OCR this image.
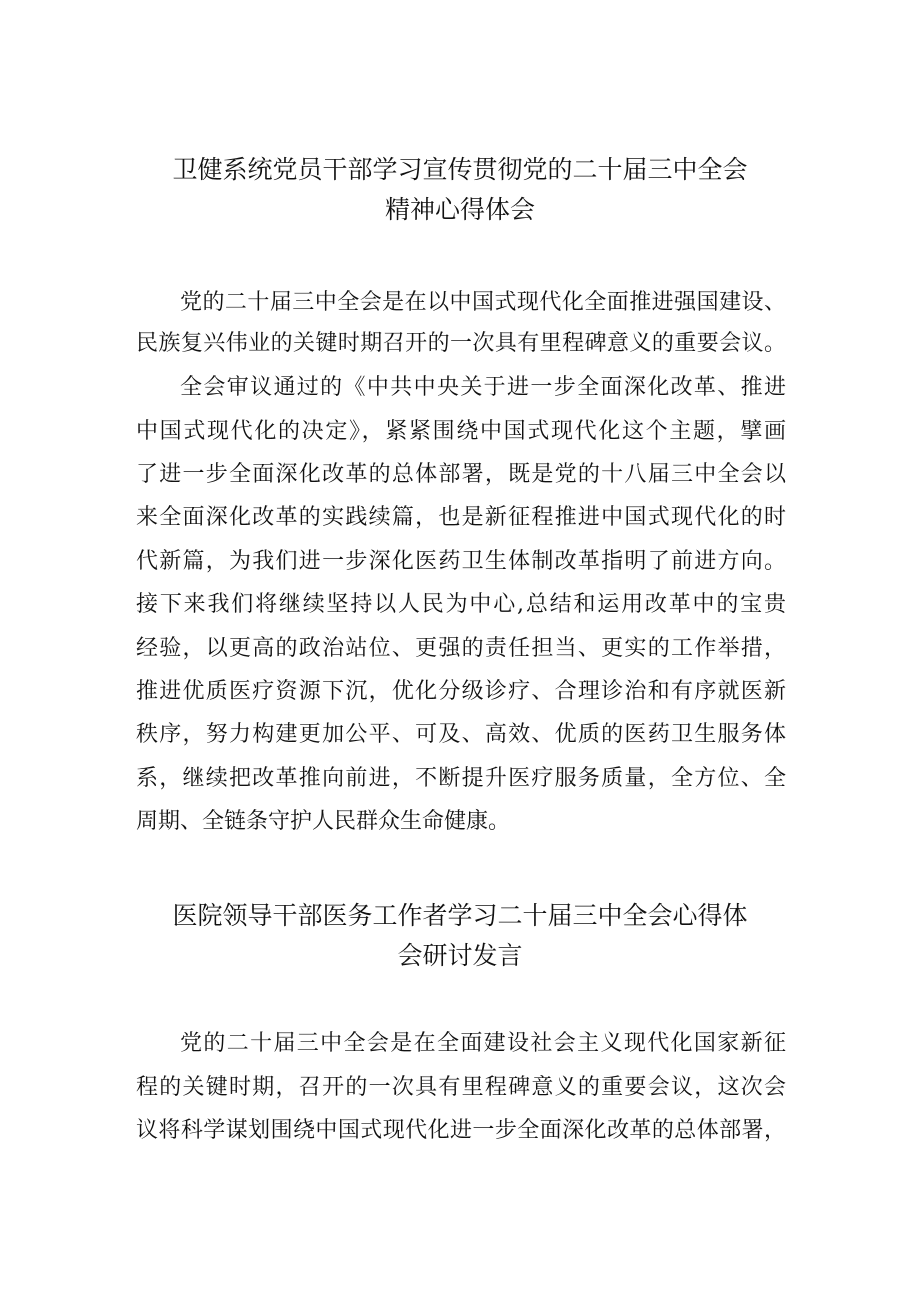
卫健系统党员干部学习宣传贯彻党的二十届三中全会
精神心得体会
党的二十届三中全会是在以中国式现代化全面推进强国建设、
民族复兴伟业的关键时期召开的一次具有里程碑意义的重要会议。
全会审议通过的《中共中央关于进一步全面深化改革、推进
中国式现代化的决定》，紧紧围绕中国式现代化这个主题，擘画
了进一步全面深化改革的总体部署，既是党的十八届三中全会以
来全面深化改革的实践续篇，也是新征程推进中国式现代化的时
代新篇，为我们进一步深化医药卫生体制改革指明了前进方向。
接下来我们将继续坚持以人民为中心,总结和运用改革中的宝贵
经验，以更高的政治站位、更强的责任担当、更实的工作举措，
推进优质医疗资源下沉，优化分级诊疗、合理诊治和有序就医新
秩序，努力构建更加公平、可及、高效、优质的医药卫生服务体
系，继续把改革推向前进，不断提升医疗服务质量，全方位、全
周期、全链条守护人民群众生命健康。
医院领导干部医务工作者学习二十届三中全会心得体
会研讨发言
党的二十届三中全会是在全面建设社会主义现代化国家新征
程的关键时期，召开的一次具有里程碑意义的重要会议，这次会
议将科学谋划围绕中国式现代化进一步全面深化改革的总体部署，
